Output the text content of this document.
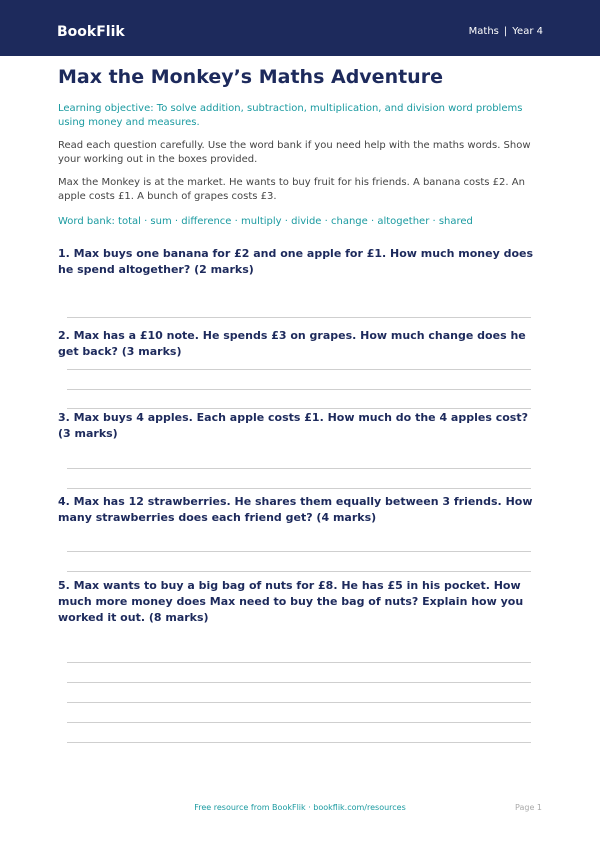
BookFlik	Maths | Year 4
Max the Monkey’s Maths Adventure
Learning objective: To solve addition, subtraction, multiplication, and division word problems using money and measures.
Read each question carefully. Use the word bank if you need help with the maths words. Show your working out in the boxes provided.
Max the Monkey is at the market. He wants to buy fruit for his friends. A banana costs £2. An apple costs £1. A bunch of grapes costs £3.
Word bank: total · sum · difference · multiply · divide · change · altogether · shared
1. Max buys one banana for £2 and one apple for £1. How much money does he spend altogether? (2 marks)
2. Max has a £10 note. He spends £3 on grapes. How much change does he get back? (3 marks)
3. Max buys 4 apples. Each apple costs £1. How much do the 4 apples cost? (3 marks)
4. Max has 12 strawberries. He shares them equally between 3 friends. How many strawberries does each friend get? (4 marks)
5. Max wants to buy a big bag of nuts for £8. He has £5 in his pocket. How much more money does Max need to buy the bag of nuts? Explain how you worked it out. (8 marks)
Free resource from BookFlik · bookflik.com/resources	Page 1
